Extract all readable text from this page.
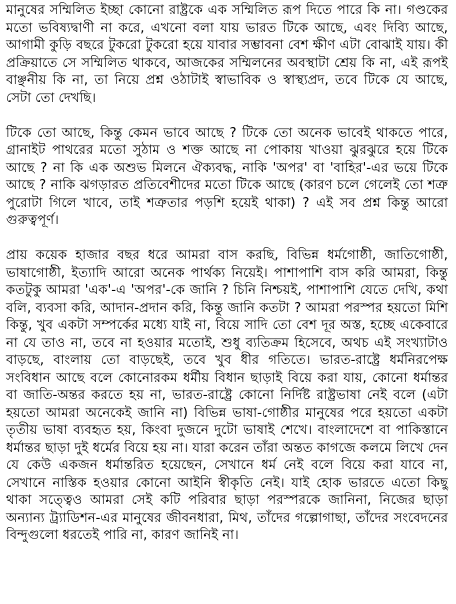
মানুষের সম্মিলিত ইচ্ছা কোনো রাষ্ট্রকে এক সম্মিলিত রূপ দিতে পারে কি না। গণ্ডকের মতো ভবিষ্যদ্বাণী না করে, এখনো বলা যায় ভারত টিকে আছে, এবং দিব্যি আছে, আগামী কুড়ি বছরে টুকরো টুকরো হয়ে যাবার সম্ভাবনা বেশ ক্ষীণ এটা বোঝাই যায়। কী প্রক্রিয়াতে সে সম্মিলিত থাকবে, আজকের সম্মিলনের অবস্থাটা শ্রেয় কি না, এই রূপই বাঞ্ছনীয় কি না, তা নিয়ে প্রশ্ন ওঠাটাই স্বাভাবিক ও স্বাস্থ্যপ্রদ, তবে টিকে যে আছে, সেটা তো দেখছি।

টিকে তো আছে, কিন্তু কেমন ভাবে আছে ? টিকে তো অনেক ভাবেই থাকতে পারে, গ্রানাইট পাথরের মতো সুঠাম ও শক্ত আছে না পোকায় খাওয়া ঝুরঝুরে হয়ে টিকে আছে ? না কি এক অশুভ মিলনে ঐক্যবদ্ধ, নাকি 'অপর' বা 'বাহির'-এর ভয়ে টিকে আছে ? নাকি ঝগড়ারত প্রতিবেশীদের মতো টিকে আছে (কারণ চলে গেলেই তো শত্রু পুরোটা গিলে খাবে, তাই শত্রুতার পড়শি হয়েই থাকা) ? এই সব প্রশ্ন কিন্তু আরো গুরুত্বপূর্ণ।

প্রায় কয়েক হাজার বছর ধরে আমরা বাস করছি, বিভিন্ন ধর্মগোষ্ঠী, জাতিগোষ্ঠী, ভাষাগোষ্ঠী, ইত্যাদি আরো অনেক পার্থক্য নিয়েই। পাশাপাশি বাস করি আমরা, কিন্তু কতটুকু আমরা 'এক'-এ 'অপর'-কে জানি ? চিনি নিশ্চয়ই, পাশাপাশি যেতে দেখি, কথা বলি, ব্যবসা করি, আদান-প্রদান করি, কিন্তু জানি কতটা ? আমরা পরস্পর হয়তো মিশি কিন্তু, খুব একটা সম্পর্কের মধ্যে যাই না, বিয়ে সাদি তো বেশ দূর অস্ত, হচ্ছে একেবারে না যে তাও না, তবে না হওয়ার মতোই, শুধু ব্যতিক্রম হিসেবে, অথচ এই সংখ্যাটাও বাড়ছে, বাংলায় তো বাড়ছেই, তবে খুব ধীর গতিতে। ভারত-রাষ্ট্রে ধর্মনিরপেক্ষ সংবিধান আছে বলে কোনোরকম ধর্মীয় বিধান ছাড়াই বিয়ে করা যায়, কোনো ধর্মান্তর বা জাতি-অন্তর করতে হয় না, ভারত-রাষ্ট্রে কোনো নির্দিষ্ট রাষ্ট্রভাষা নেই বলে (এটা হয়তো আমরা অনেকেই জানি না) বিভিন্ন ভাষা-গোষ্ঠীর মানুষের পরে হয়তো একটা তৃতীয় ভাষা ব্যবহৃত হয়, কিংবা দুজনে দুটো ভাষাই শেখে। বাংলাদেশে বা পাকিস্তানে ধর্মান্তর ছাড়া দুই ধর্মের বিয়ে হয় না। যারা করেন তাঁরা অন্তত কাগজে কলমে লিখে দেন যে কেউ একজন ধর্মান্তরিত হয়েছেন, সেখানে ধর্ম নেই বলে বিয়ে করা যাবে না, সেখানে নাস্তিক হওয়ার কোনো আইনি স্বীকৃতি নেই। যাই হোক ভারতে এতো কিছু থাকা সত্ত্বেও আমরা সেই কটি পরিবার ছাড়া পরস্পরকে জানিনা, নিজের ছাড়া অন্যান্য ট্র্যাডিশন-এর মানুষের জীবনধারা, মিথ, তাঁদের গল্পোগাছা, তাঁদের সংবেদনের বিন্দুগুলো ধরতেই পারি না, কারণ জানিই না।
